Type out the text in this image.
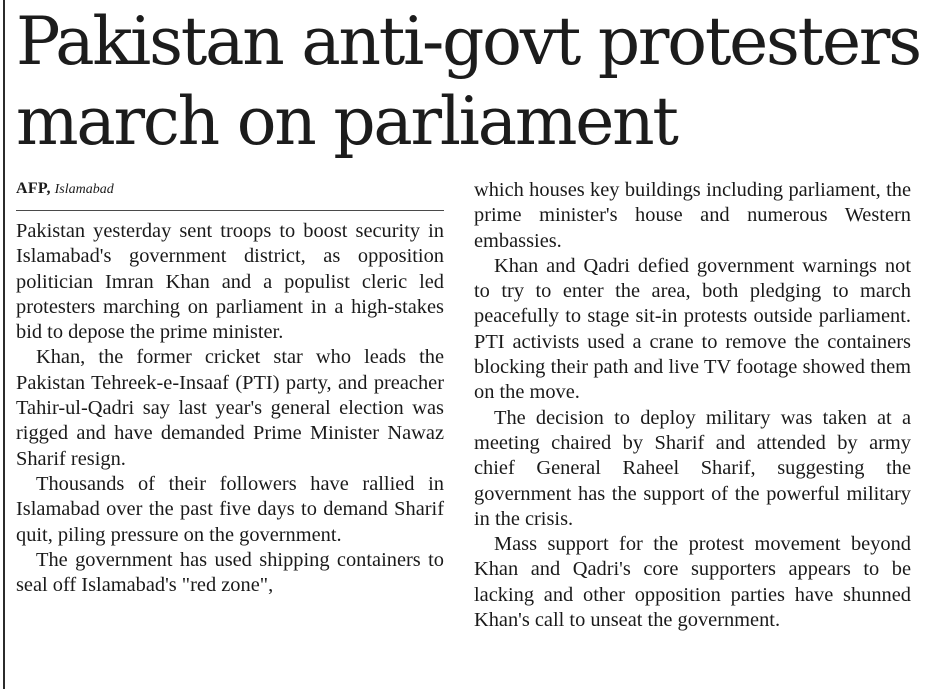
Pakistan anti-govt protesters
march on parliament
AFP, Islamabad

Pakistan yesterday sent troops to boost security in Islamabad's government district, as opposition politician Imran Khan and a populist cleric led protesters marching on parliament in a high-stakes bid to depose the prime minister.

Khan, the former cricket star who leads the Pakistan Tehreek-e-Insaaf (PTI) party, and preacher Tahir-ul-Qadri say last year's general election was rigged and have demanded Prime Minister Nawaz Sharif resign.

Thousands of their followers have rallied in Islamabad over the past five days to demand Sharif quit, piling pressure on the government.

The government has used shipping containers to seal off Islamabad's "red zone",

which houses key buildings including parliament, the prime minister's house and numerous Western embassies.

Khan and Qadri defied government warnings not to try to enter the area, both pledging to march peacefully to stage sit-in protests outside parliament. PTI activists used a crane to remove the containers blocking their path and live TV footage showed them on the move.

The decision to deploy military was taken at a meeting chaired by Sharif and attended by army chief General Raheel Sharif, suggesting the government has the support of the powerful military in the crisis.

Mass support for the protest movement beyond Khan and Qadri's core supporters appears to be lacking and other opposition parties have shunned Khan's call to unseat the government.
